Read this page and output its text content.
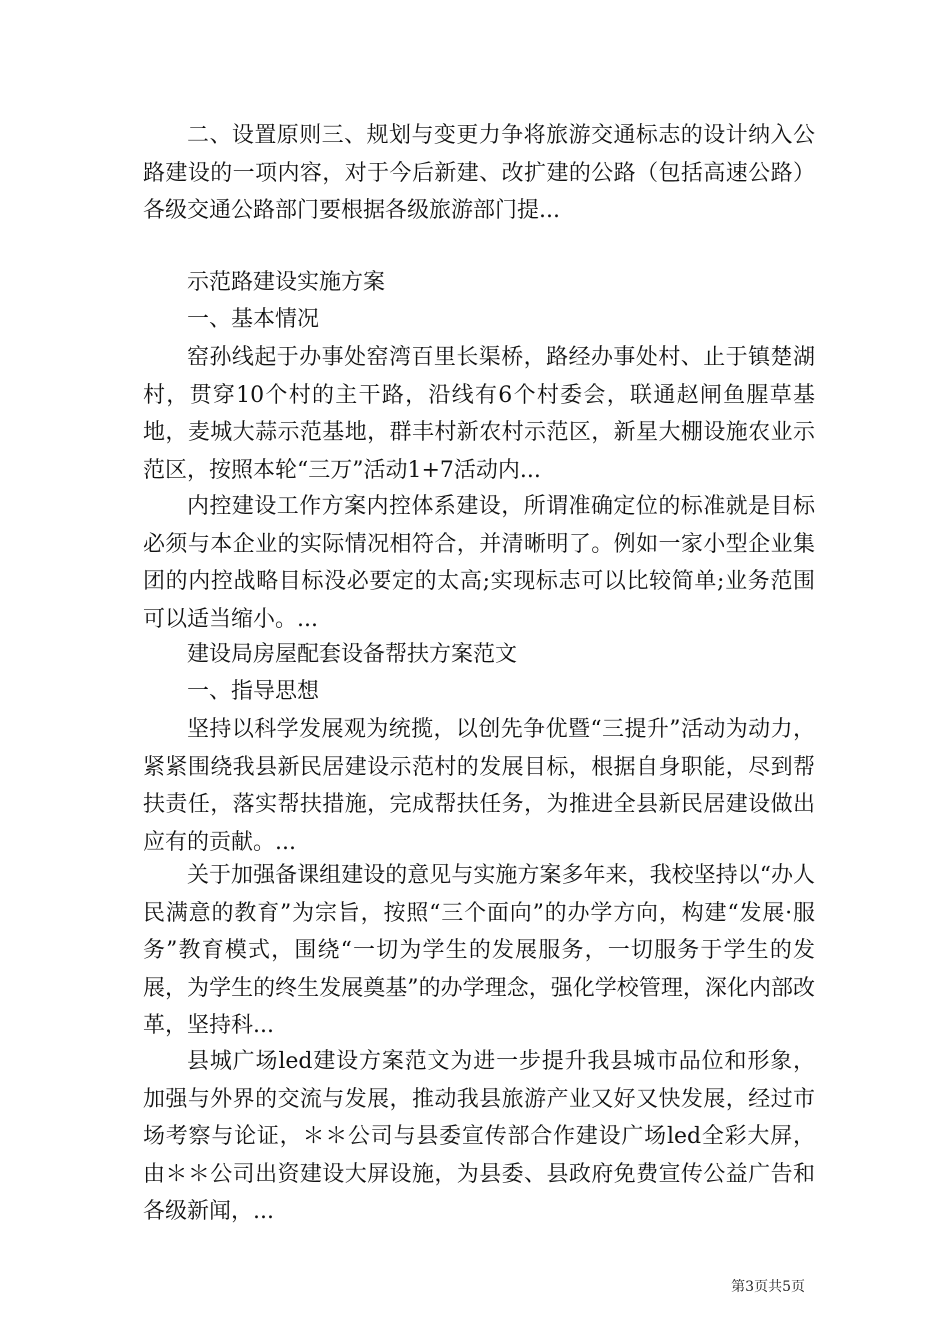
二、设置原则三、规划与变更力争将旅游交通标志的设计纳入公路建设的一项内容，对于今后新建、改扩建的公路（包括高速公路）各级交通公路部门要根据各级旅游部门提...

示范路建设实施方案

一、基本情况

窑孙线起于办事处窑湾百里长渠桥，路经办事处村、止于镇楚湖村，贯穿10个村的主干路，沿线有6个村委会，联通赵闸鱼腥草基地，麦城大蒜示范基地，群丰村新农村示范区，新星大棚设施农业示范区，按照本轮“三万”活动1+7活动内...

内控建设工作方案内控体系建设，所谓准确定位的标准就是目标必须与本企业的实际情况相符合，并清晰明了。例如一家小型企业集团的内控战略目标没必要定的太高;实现标志可以比较简单;业务范围可以适当缩小。...

建设局房屋配套设备帮扶方案范文

一、指导思想

坚持以科学发展观为统揽，以创先争优暨“三提升”活动为动力，紧紧围绕我县新民居建设示范村的发展目标，根据自身职能，尽到帮扶责任，落实帮扶措施，完成帮扶任务，为推进全县新民居建设做出应有的贡献。...

关于加强备课组建设的意见与实施方案多年来，我校坚持以“办人民满意的教育”为宗旨，按照“三个面向”的办学方向，构建“发展·服务”教育模式，围绕“一切为学生的发展服务，一切服务于学生的发展，为学生的终生发展奠基”的办学理念，强化学校管理，深化内部改革，坚持科...

县城广场led建设方案范文为进一步提升我县城市品位和形象，加强与外界的交流与发展，推动我县旅游产业又好又快发展，经过市场考察与论证，＊＊公司与县委宣传部合作建设广场led全彩大屏，由＊＊公司出资建设大屏设施，为县委、县政府免费宣传公益广告和各级新闻，...

第3页共5页
